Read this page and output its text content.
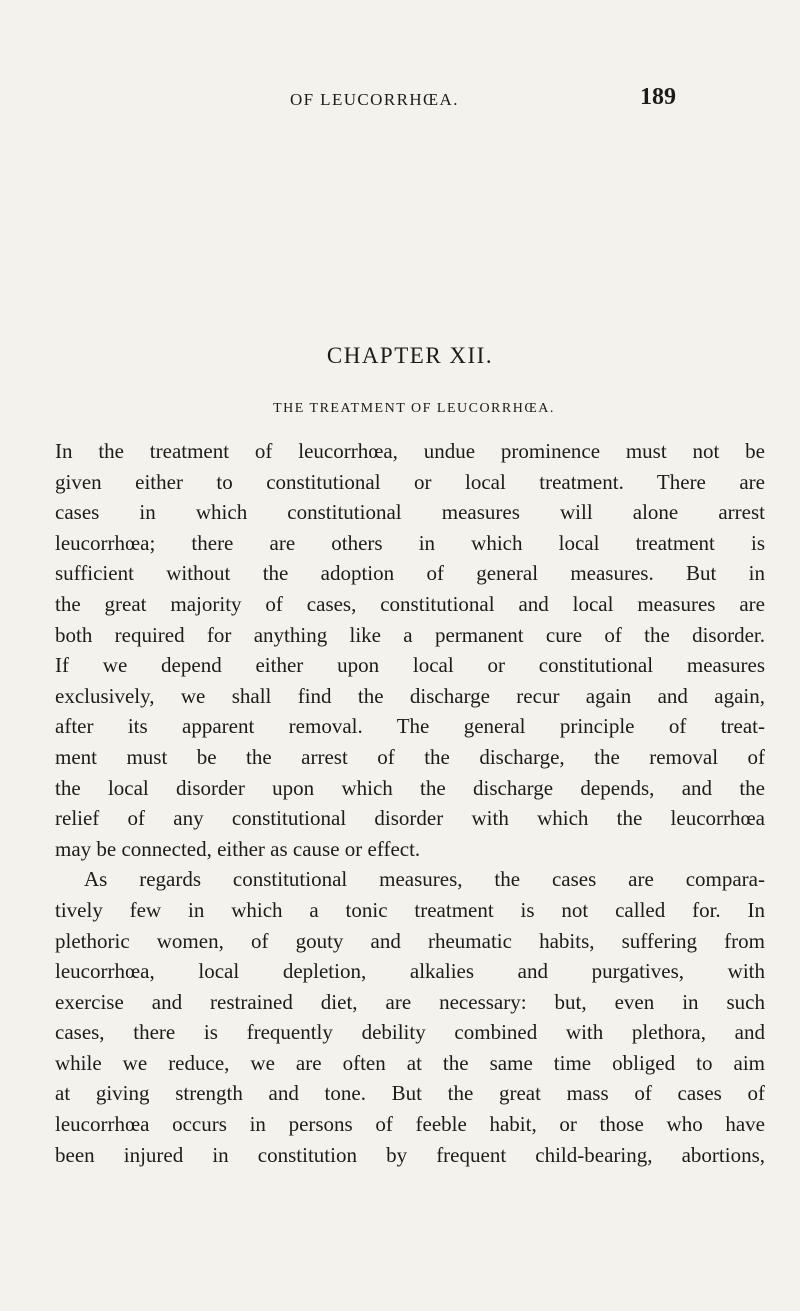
OF LEUCORRHŒA.	189
CHAPTER XII.
THE TREATMENT OF LEUCORRHŒA.
In the treatment of leucorrhœa, undue prominence must not be
given either to constitutional or local treatment. There are
cases in which constitutional measures will alone arrest
leucorrhœa; there are others in which local treatment is
sufficient without the adoption of general measures. But in
the great majority of cases, constitutional and local measures are
both required for anything like a permanent cure of the disorder.
If we depend either upon local or constitutional measures
exclusively, we shall find the discharge recur again and again,
after its apparent removal. The general principle of treat-
ment must be the arrest of the discharge, the removal of
the local disorder upon which the discharge depends, and the
relief of any constitutional disorder with which the leucorrhœa
may be connected, either as cause or effect.
As regards constitutional measures, the cases are compara-
tively few in which a tonic treatment is not called for. In
plethoric women, of gouty and rheumatic habits, suffering from
leucorrhœa, local depletion, alkalies and purgatives, with
exercise and restrained diet, are necessary: but, even in such
cases, there is frequently debility combined with plethora, and
while we reduce, we are often at the same time obliged to aim
at giving strength and tone. But the great mass of cases of
leucorrhœa occurs in persons of feeble habit, or those who have
been injured in constitution by frequent child-bearing, abortions,
